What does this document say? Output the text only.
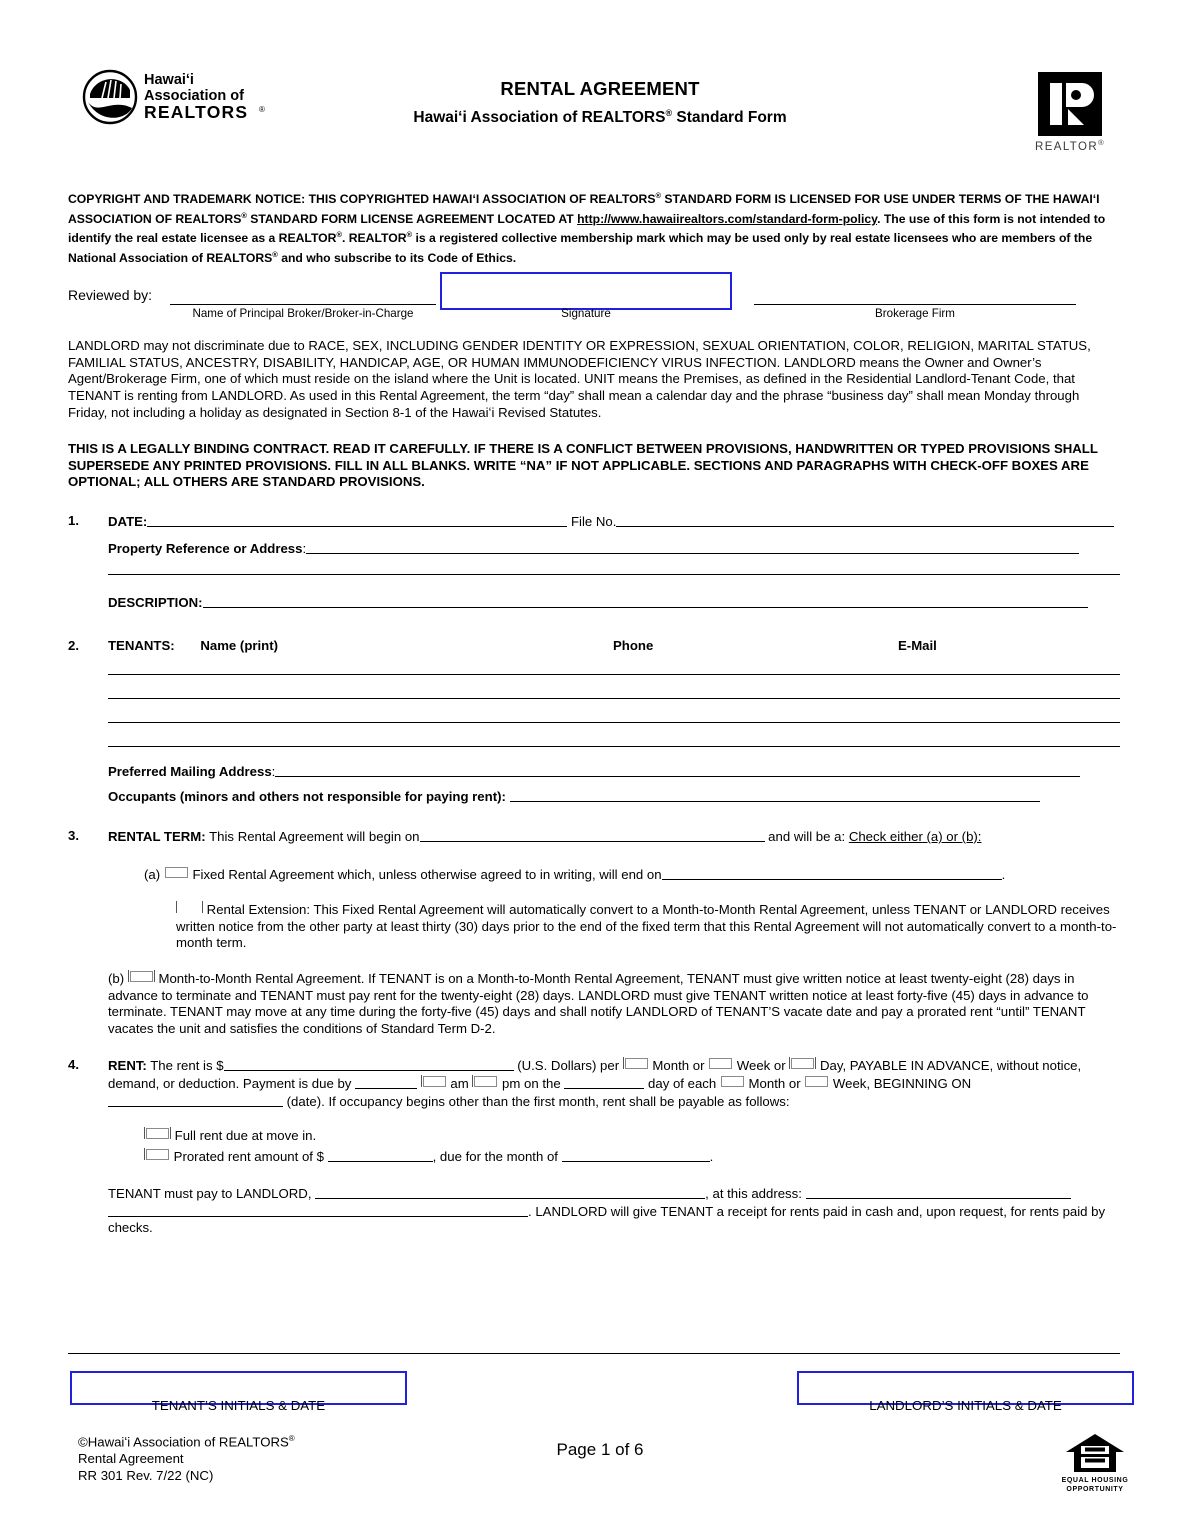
Hawaiʻi
Association of
REALTORS ®
RENTAL AGREEMENT
Hawaiʻi Association of REALTORS® Standard Form
REALTOR®
COPYRIGHT AND TRADEMARK NOTICE: THIS COPYRIGHTED HAWAIʻI ASSOCIATION OF REALTORS® STANDARD FORM IS LICENSED FOR USE UNDER TERMS OF THE HAWAIʻI ASSOCIATION OF REALTORS® STANDARD FORM LICENSE AGREEMENT LOCATED AT http://www.hawaiirealtors.com/standard-form-policy. The use of this form is not intended to identify the real estate licensee as a REALTOR®. REALTOR® is a registered collective membership mark which may be used only by real estate licensees who are members of the National Association of REALTORS® and who subscribe to its Code of Ethics.
Reviewed by:
Name of Principal Broker/Broker-in-Charge	Signature	Brokerage Firm

LANDLORD may not discriminate due to RACE, SEX, INCLUDING GENDER IDENTITY OR EXPRESSION, SEXUAL ORIENTATION, COLOR, RELIGION, MARITAL STATUS, FAMILIAL STATUS, ANCESTRY, DISABILITY, HANDICAP, AGE, OR HUMAN IMMUNODEFICIENCY VIRUS INFECTION. LANDLORD means the Owner and Owner’s Agent/Brokerage Firm, one of which must reside on the island where the Unit is located. UNIT means the Premises, as defined in the Residential Landlord-Tenant Code, that TENANT is renting from LANDLORD. As used in this Rental Agreement, the term “day” shall mean a calendar day and the phrase “business day” shall mean Monday through Friday, not including a holiday as designated in Section 8-1 of the Hawaiʻi Revised Statutes.

THIS IS A LEGALLY BINDING CONTRACT. READ IT CAREFULLY. IF THERE IS A CONFLICT BETWEEN PROVISIONS, HANDWRITTEN OR TYPED PROVISIONS SHALL SUPERSEDE ANY PRINTED PROVISIONS. FILL IN ALL BLANKS. WRITE “NA” IF NOT APPLICABLE. SECTIONS AND PARAGRAPHS WITH CHECK-OFF BOXES ARE OPTIONAL; ALL OTHERS ARE STANDARD PROVISIONS.

1.	DATE:	File No.
Property Reference or Address:
DESCRIPTION:
2.	TENANTS: Name (print)	Phone	E-Mail
Preferred Mailing Address:
Occupants (minors and others not responsible for paying rent):
3.	RENTAL TERM: This Rental Agreement will begin on	and will be a: Check either (a) or (b):
(a)  Fixed Rental Agreement which, unless otherwise agreed to in writing, will end on	.
Rental Extension: This Fixed Rental Agreement will automatically convert to a Month-to-Month Rental Agreement, unless TENANT or LANDLORD receives written notice from the other party at least thirty (30) days prior to the end of the fixed term that this Rental Agreement will not automatically convert to a month-to-month term.
(b)  Month-to-Month Rental Agreement. If TENANT is on a Month-to-Month Rental Agreement, TENANT must give written notice at least twenty-eight (28) days in advance to terminate and TENANT must pay rent for the twenty-eight (28) days. LANDLORD must give TENANT written notice at least forty-five (45) days in advance to terminate. TENANT may move at any time during the forty-five (45) days and shall notify LANDLORD of TENANT’S vacate date and pay a prorated rent “until” TENANT vacates the unit and satisfies the conditions of Standard Term D-2.
4.	RENT: The rent is $	(U.S. Dollars) per  Month or  Week or  Day, PAYABLE IN ADVANCE, without notice, demand, or deduction. Payment is due by	am  pm on the	day of each  Month or  Week, BEGINNING ON  (date). If occupancy begins other than the first month, rent shall be payable as follows:
Full rent due at move in.
Prorated rent amount of $	, due for the month of	.
TENANT must pay to LANDLORD,	, at this address: . LANDLORD will give TENANT a receipt for rents paid in cash and, upon request, for rents paid by checks.
TENANT’S INITIALS & DATE	LANDLORD’S INITIALS & DATE
©Hawaiʻi Association of REALTORS®
Rental Agreement
RR 301 Rev. 7/22 (NC)
Page 1 of 6
EQUAL HOUSING
OPPORTUNITY
